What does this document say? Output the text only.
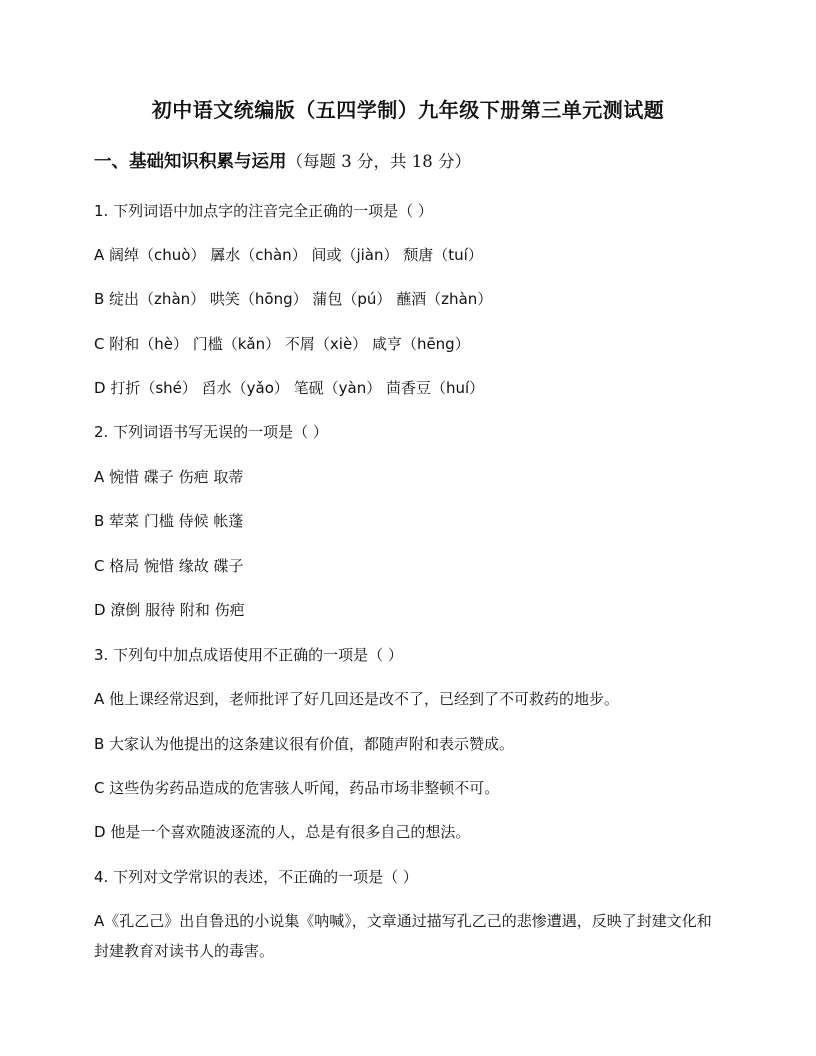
初中语文统编版（五四学制）九年级下册第三单元测试题
一、基础知识积累与运用（每题 3 分，共 18 分）
1. 下列词语中加点字的注音完全正确的一项是（ ）
A 阔绰（chuò） 羼水（chàn） 间或（jiàn） 颓唐（tuí）
B 绽出（zhàn） 哄笑（hōng） 蒲包（pú） 蘸酒（zhàn）
C 附和（hè） 门槛（kǎn） 不屑（xiè） 咸亨（hēng）
D 打折（shé） 舀水（yǎo） 笔砚（yàn） 茴香豆（huí）
2. 下列词语书写无误的一项是（ ）
A 惋惜 碟子 伤疤 取蒂
B 荤菜 门槛 侍候 帐蓬
C 格局 惋惜 缘故 碟子
D 潦倒 服待 附和 伤疤
3. 下列句中加点成语使用不正确的一项是（ ）
A 他上课经常迟到，老师批评了好几回还是改不了，已经到了不可救药的地步。
B 大家认为他提出的这条建议很有价值，都随声附和表示赞成。
C 这些伪劣药品造成的危害骇人听闻，药品市场非整顿不可。
D 他是一个喜欢随波逐流的人，总是有很多自己的想法。
4. 下列对文学常识的表述，不正确的一项是（ ）
A《孔乙己》出自鲁迅的小说集《呐喊》，文章通过描写孔乙己的悲惨遭遇，反映了封建文化和封建教育对读书人的毒害。
